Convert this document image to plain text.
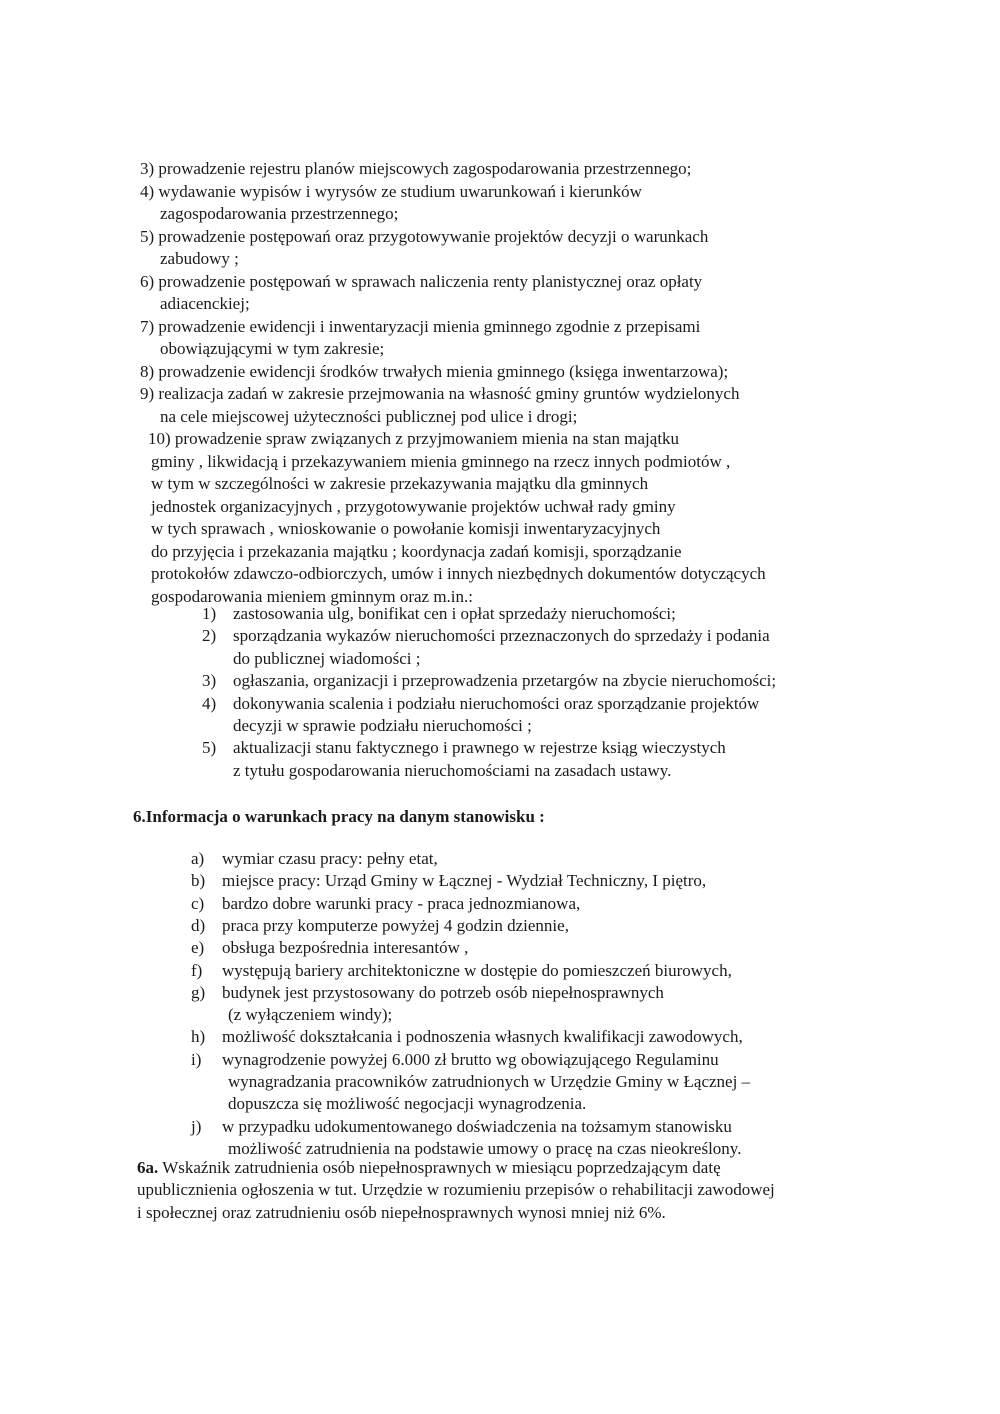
3) prowadzenie rejestru planów miejscowych zagospodarowania przestrzennego;
4) wydawanie wypisów i wyrysów ze studium uwarunkowań i kierunków
zagospodarowania przestrzennego;
5) prowadzenie postępowań oraz przygotowywanie projektów decyzji o warunkach
zabudowy ;
6) prowadzenie postępowań w sprawach naliczenia renty planistycznej oraz opłaty
adiacenckiej;
7) prowadzenie ewidencji i inwentaryzacji mienia gminnego zgodnie z przepisami
obowiązującymi w tym zakresie;
8) prowadzenie ewidencji środków trwałych mienia gminnego (księga inwentarzowa);
9) realizacja zadań w zakresie przejmowania na własność gminy gruntów wydzielonych
na cele miejscowej użyteczności publicznej pod ulice i drogi;
10) prowadzenie spraw związanych z przyjmowaniem mienia na stan majątku
gminy , likwidacją i przekazywaniem mienia gminnego na rzecz innych podmiotów ,
w tym w szczególności w zakresie przekazywania majątku dla gminnych
jednostek organizacyjnych , przygotowywanie projektów uchwał rady gminy
w tych sprawach , wnioskowanie o powołanie komisji inwentaryzacyjnych
do przyjęcia i przekazania majątku ; koordynacja zadań komisji, sporządzanie
protokołów zdawczo-odbiorczych, umów i innych niezbędnych dokumentów dotyczących
gospodarowania mieniem gminnym oraz m.in.:
1) zastosowania ulg, bonifikat cen i opłat sprzedaży nieruchomości;
2) sporządzania wykazów nieruchomości przeznaczonych do sprzedaży i podania
do publicznej wiadomości ;
3) ogłaszania, organizacji i przeprowadzenia przetargów na zbycie nieruchomości;
4) dokonywania scalenia i podziału nieruchomości oraz sporządzanie projektów
decyzji w sprawie podziału nieruchomości ;
5) aktualizacji stanu faktycznego i prawnego w rejestrze ksiąg wieczystych
z tytułu gospodarowania nieruchomościami na zasadach ustawy.
6.Informacja o warunkach pracy na danym stanowisku :
a) wymiar czasu pracy: pełny etat,
b) miejsce pracy: Urząd Gminy w Łącznej - Wydział Techniczny, I piętro,
c) bardzo dobre warunki pracy - praca jednozmianowa,
d) praca przy komputerze powyżej 4 godzin dziennie,
e) obsługa bezpośrednia interesantów ,
f) występują bariery architektoniczne w dostępie do pomieszczeń biurowych,
g) budynek jest przystosowany do potrzeb osób niepełnosprawnych
(z wyłączeniem windy);
h) możliwość dokształcania i podnoszenia własnych kwalifikacji zawodowych,
i) wynagrodzenie powyżej 6.000 zł brutto wg obowiązującego Regulaminu
wynagradzania pracowników zatrudnionych w Urzędzie Gminy w Łącznej –
dopuszcza się możliwość negocjacji wynagrodzenia.
j) w przypadku udokumentowanego doświadczenia na tożsamym stanowisku
możliwość zatrudnienia na podstawie umowy o pracę na czas nieokreślony.
6a. Wskaźnik zatrudnienia osób niepełnosprawnych w miesiącu poprzedzającym datę
upublicznienia ogłoszenia w tut. Urzędzie w rozumieniu przepisów o rehabilitacji zawodowej
i społecznej oraz zatrudnieniu osób niepełnosprawnych wynosi mniej niż 6%.
